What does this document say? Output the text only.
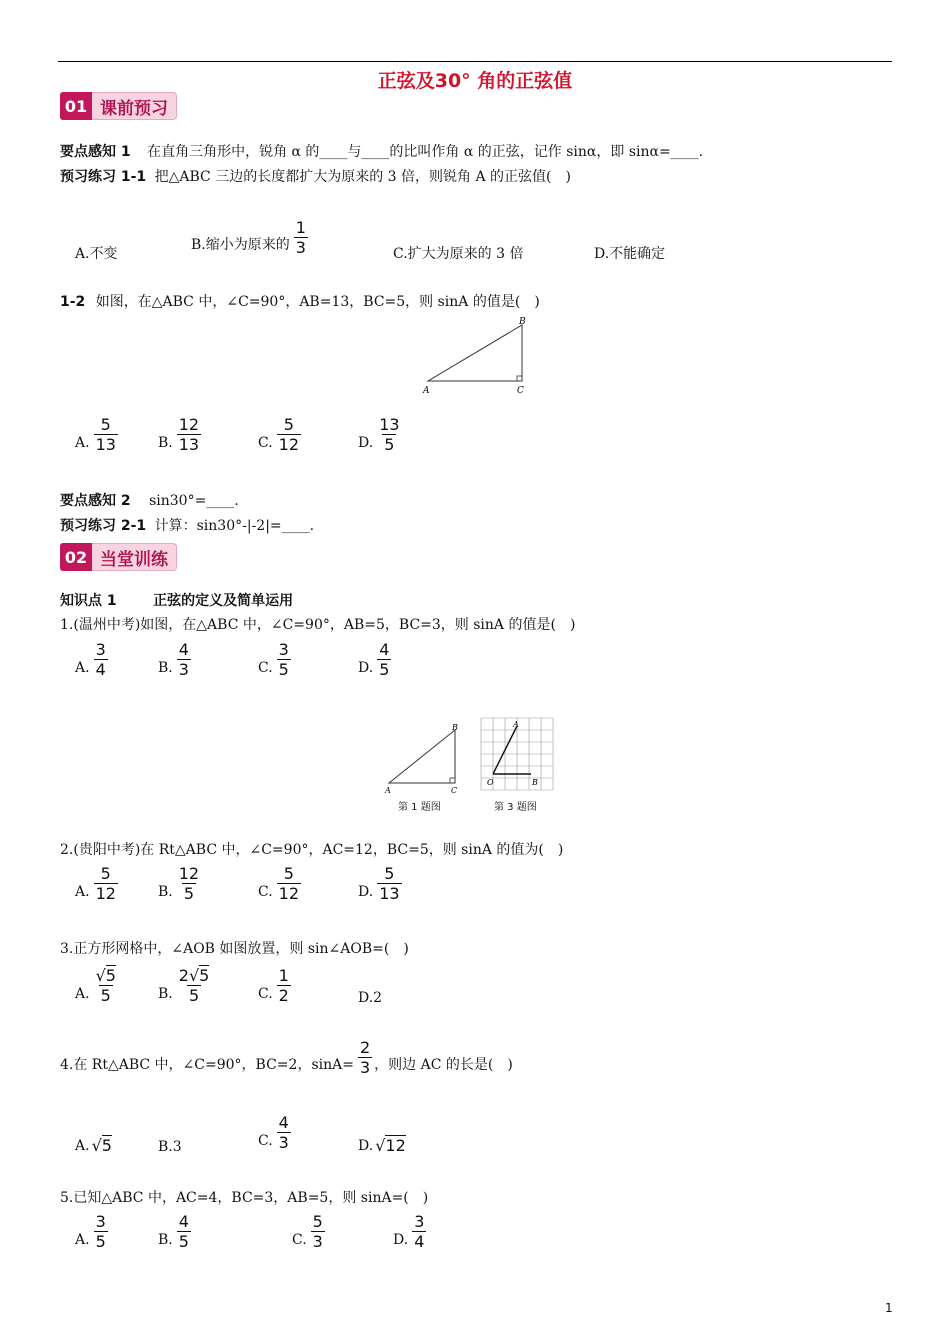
正弦及30° 角的正弦值
01 课前预习
要点感知 1 在直角三角形中，锐角 α 的____与____的比叫作角 α 的正弦，记作 sinα，即 sinα=____.
预习练习 1-1 把△ABC 三边的长度都扩大为原来的 3 倍，则锐角 A 的正弦值(　)
A.不变
B.缩小为原来的 $\frac{1}{3}$	C.扩大为原来的 3 倍	D.不能确定
1-2 如图，在△ABC 中，∠C=90°，AB=13，BC=5，则 sinA 的值是(　)
A	C
B
A. $\frac{5}{13}$	B. $\frac{12}{13}$	C. $\frac{5}{12}$	D. $\frac{13}{5}$
要点感知 2 sin30°=____.
预习练习 2-1 计算：sin30°-|-2|=____.
02 当堂训练
知识点 1	正弦的定义及简单运用
1.(温州中考)如图，在△ABC 中，∠C=90°，AB=5，BC=3，则 sinA 的值是(　)
A. $\frac{3}{4}$	B. $\frac{4}{3}$	C. $\frac{3}{5}$	D. $\frac{4}{5}$
A	C
B
第 1 题图
O	B
A
第 3 题图
2.(贵阳中考)在 Rt△ABC 中，∠C=90°，AC=12，BC=5，则 sinA 的值为(　)
A. $\frac{5}{12}$	B. $\frac{12}{5}$	C. $\frac{5}{12}$	D. $\frac{5}{13}$
3.正方形网格中，∠AOB 如图放置，则 sin∠AOB=(　)
A. $\frac{√5}{5}$	B. $\frac{2√5}{5}$	C. $\frac{1}{2}$	D.2
4.在 Rt△ABC 中，∠C=90°，BC=2，$\sin A= \frac{2}{3}$ ，则边 AC 的长是(　)
A. √5	B.3	C. $\frac{4}{3}$	D. √12
5.已知△ABC 中，AC=4，BC=3，AB=5，则 sinA=(　)
A. $\frac{3}{5}$	B. $\frac{4}{5}$	C. $\frac{5}{3}$	D. $\frac{3}{4}$
1
